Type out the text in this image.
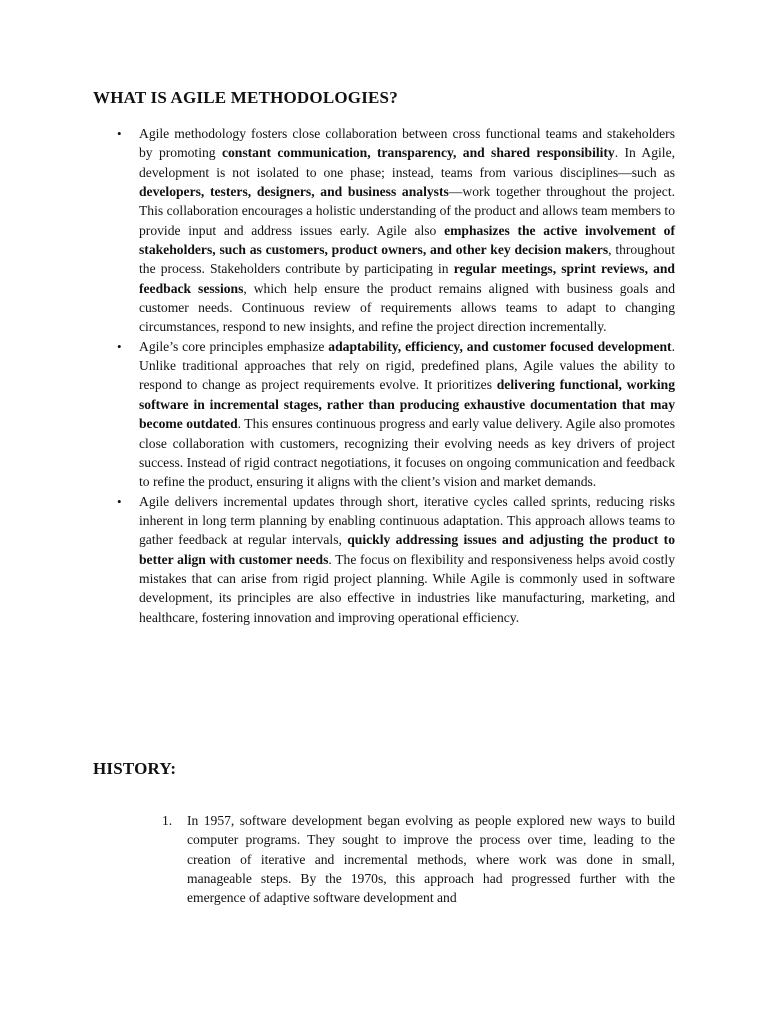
WHAT IS AGILE METHODOLOGIES?
• Agile methodology fosters close collaboration between cross functional teams and stakeholders by promoting constant communication, transparency, and shared responsibility. In Agile, development is not isolated to one phase; instead, teams from various disciplines—such as developers, testers, designers, and business analysts—work together throughout the project. This collaboration encourages a holistic understanding of the product and allows team members to provide input and address issues early. Agile also emphasizes the active involvement of stakeholders, such as customers, product owners, and other key decision makers, throughout the process. Stakeholders contribute by participating in regular meetings, sprint reviews, and feedback sessions, which help ensure the product remains aligned with business goals and customer needs. Continuous review of requirements allows teams to adapt to changing circumstances, respond to new insights, and refine the project direction incrementally.
• Agile’s core principles emphasize adaptability, efficiency, and customer focused development. Unlike traditional approaches that rely on rigid, predefined plans, Agile values the ability to respond to change as project requirements evolve. It prioritizes delivering functional, working software in incremental stages, rather than producing exhaustive documentation that may become outdated. This ensures continuous progress and early value delivery. Agile also promotes close collaboration with customers, recognizing their evolving needs as key drivers of project success. Instead of rigid contract negotiations, it focuses on ongoing communication and feedback to refine the product, ensuring it aligns with the client’s vision and market demands.
• Agile delivers incremental updates through short, iterative cycles called sprints, reducing risks inherent in long term planning by enabling continuous adaptation. This approach allows teams to gather feedback at regular intervals, quickly addressing issues and adjusting the product to better align with customer needs. The focus on flexibility and responsiveness helps avoid costly mistakes that can arise from rigid project planning. While Agile is commonly used in software development, its principles are also effective in industries like manufacturing, marketing, and healthcare, fostering innovation and improving operational efficiency.
HISTORY:
1. In 1957, software development began evolving as people explored new ways to build computer programs. They sought to improve the process over time, leading to the creation of iterative and incremental methods, where work was done in small, manageable steps. By the 1970s, this approach had progressed further with the emergence of adaptive software development and
